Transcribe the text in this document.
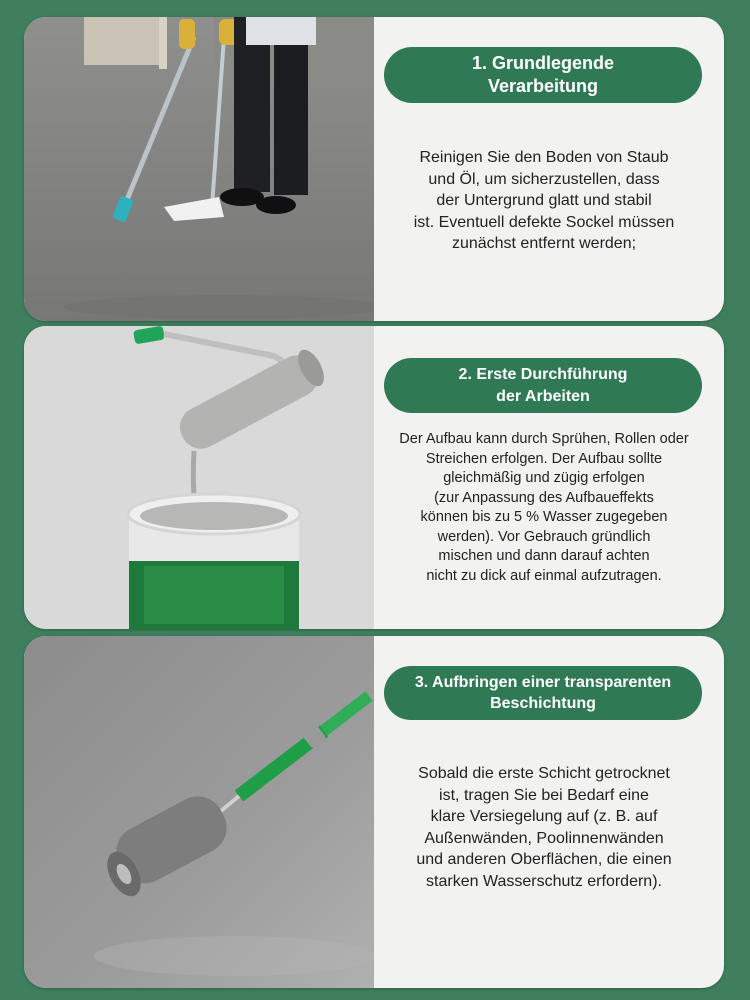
1. Grundlegende
Verarbeitung
Reinigen Sie den Boden von Staub
und Öl, um sicherzustellen, dass
der Untergrund glatt und stabil
ist. Eventuell defekte Sockel müssen
zunächst entfernt werden;
2. Erste Durchführung
der Arbeiten
Der Aufbau kann durch Sprühen, Rollen oder
Streichen erfolgen. Der Aufbau sollte
gleichmäßig und zügig erfolgen
(zur Anpassung des Aufbaueffekts
können bis zu 5 % Wasser zugegeben
werden). Vor Gebrauch gründlich
mischen und dann darauf achten
nicht zu dick auf einmal aufzutragen.
3. Aufbringen einer transparenten
Beschichtung
Sobald die erste Schicht getrocknet
ist, tragen Sie bei Bedarf eine
klare Versiegelung auf (z. B. auf
Außenwänden, Poolinnenwänden
und anderen Oberflächen, die einen
starken Wasserschutz erfordern).
